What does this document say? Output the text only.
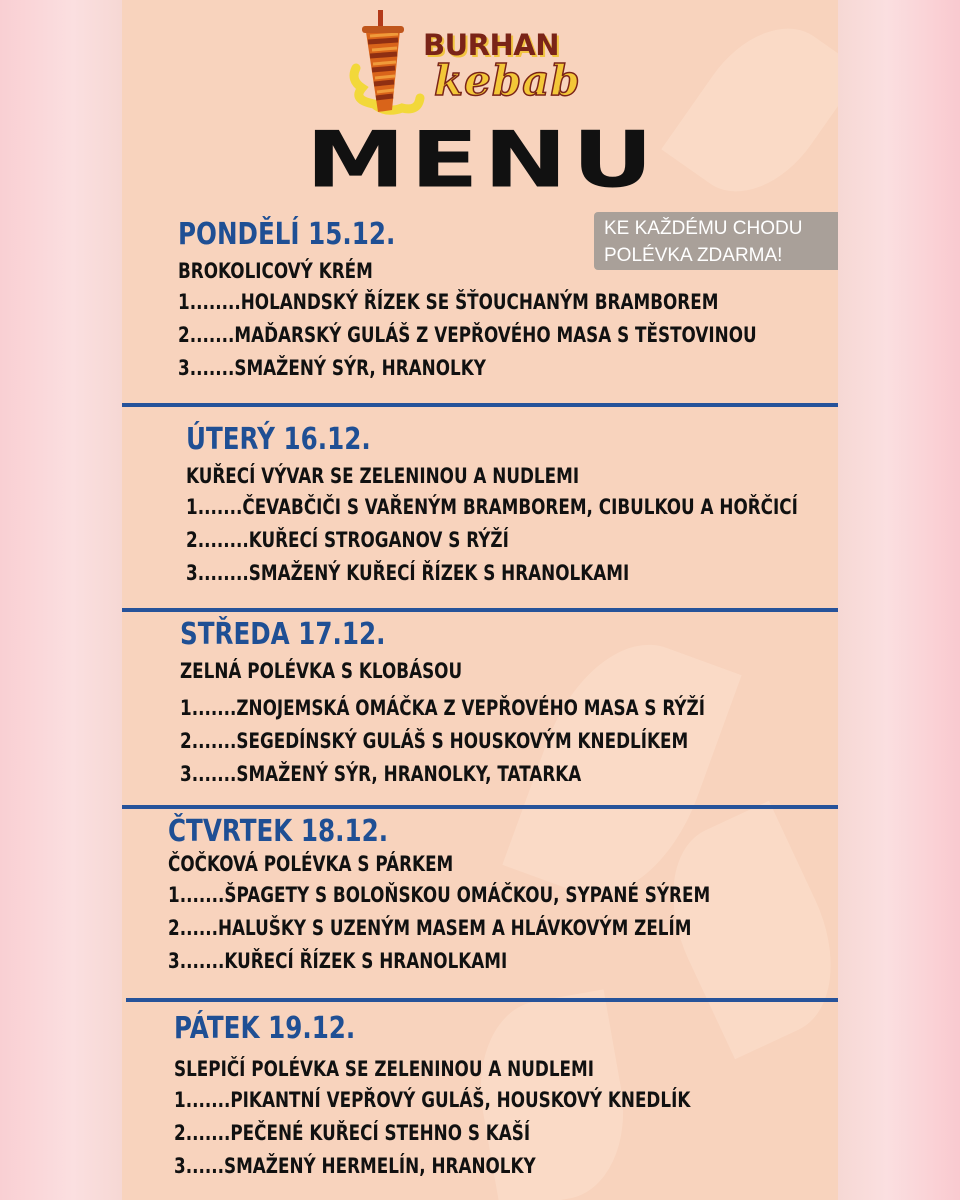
BURHAN
kebab
MENU
KE KAŽDÉMU CHODU
POLÉVKA ZDARMA!
PONDĚLÍ 15.12.
BROKOLICOVÝ KRÉM
1........HOLANDSKÝ ŘÍZEK SE ŠŤOUCHANÝM BRAMBOREM
2.......MAĎARSKÝ GULÁŠ Z VEPŘOVÉHO MASA S TĚSTOVINOU
3.......SMAŽENÝ SÝR, HRANOLKY
ÚTERÝ 16.12.
KUŘECÍ VÝVAR SE ZELENINOU A NUDLEMI
1.......ČEVABČIČI S VAŘENÝM BRAMBOREM, CIBULKOU A HOŘČICÍ
2........KUŘECÍ STROGANOV S RÝŽÍ
3........SMAŽENÝ KUŘECÍ ŘÍZEK S HRANOLKAMI
STŘEDA 17.12.
ZELNÁ POLÉVKA S KLOBÁSOU
1.......ZNOJEMSKÁ OMÁČKA Z VEPŘOVÉHO MASA S RÝŽÍ
2.......SEGEDÍNSKÝ GULÁŠ S HOUSKOVÝM KNEDLÍKEM
3.......SMAŽENÝ SÝR, HRANOLKY, TATARKA
ČTVRTEK 18.12.
ČOČKOVÁ POLÉVKA S PÁRKEM
1.......ŠPAGETY S BOLOŇSKOU OMÁČKOU, SYPANÉ SÝREM
2......HALUŠKY S UZENÝM MASEM A HLÁVKOVÝM ZELÍM
3.......KUŘECÍ ŘÍZEK S HRANOLKAMI
PÁTEK 19.12.
SLEPIČÍ POLÉVKA SE ZELENINOU A NUDLEMI
1.......PIKANTNÍ VEPŘOVÝ GULÁŠ, HOUSKOVÝ KNEDLÍK
2.......PEČENÉ KUŘECÍ STEHNO S KAŠÍ
3......SMAŽENÝ HERMELÍN, HRANOLKY
